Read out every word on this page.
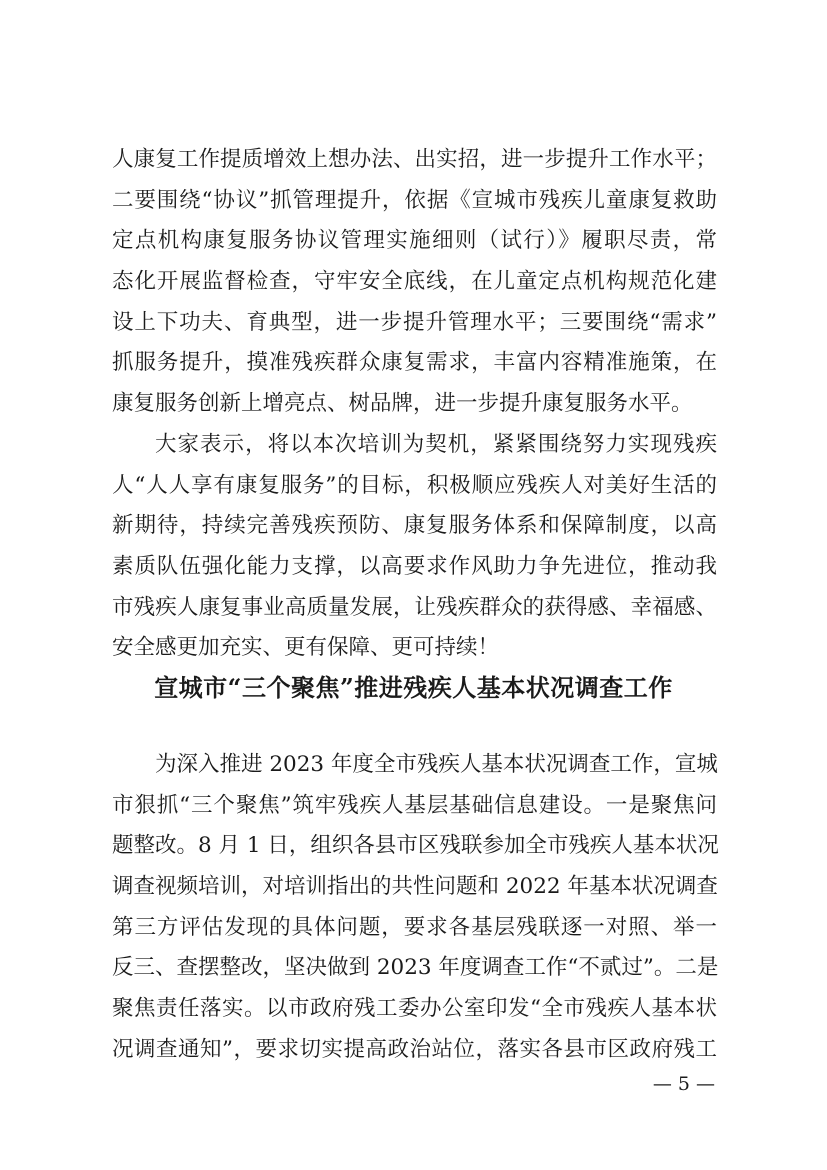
人康复工作提质增效上想办法、出实招，进一步提升工作水平；
二要围绕“协议”抓管理提升，依据《宣城市残疾儿童康复救助
定点机构康复服务协议管理实施细则（试行）》履职尽责，常
态化开展监督检查，守牢安全底线，在儿童定点机构规范化建
设上下功夫、育典型，进一步提升管理水平；三要围绕“需求”
抓服务提升，摸准残疾群众康复需求，丰富内容精准施策，在
康复服务创新上增亮点、树品牌，进一步提升康复服务水平。
大家表示，将以本次培训为契机，紧紧围绕努力实现残疾
人“人人享有康复服务”的目标，积极顺应残疾人对美好生活的
新期待，持续完善残疾预防、康复服务体系和保障制度，以高
素质队伍强化能力支撑，以高要求作风助力争先进位，推动我
市残疾人康复事业高质量发展，让残疾群众的获得感、幸福感、
安全感更加充实、更有保障、更可持续！
宣城市“三个聚焦”推进残疾人基本状况调查工作
为深入推进 2023 年度全市残疾人基本状况调查工作，宣城
市狠抓“三个聚焦”筑牢残疾人基层基础信息建设。一是聚焦问
题整改。8 月 1 日，组织各县市区残联参加全市残疾人基本状况
调查视频培训，对培训指出的共性问题和 2022 年基本状况调查
第三方评估发现的具体问题，要求各基层残联逐一对照、举一
反三、查摆整改，坚决做到 2023 年度调查工作“不贰过”。二是
聚焦责任落实。以市政府残工委办公室印发“全市残疾人基本状
况调查通知”，要求切实提高政治站位，落实各县市区政府残工
— 5 —
